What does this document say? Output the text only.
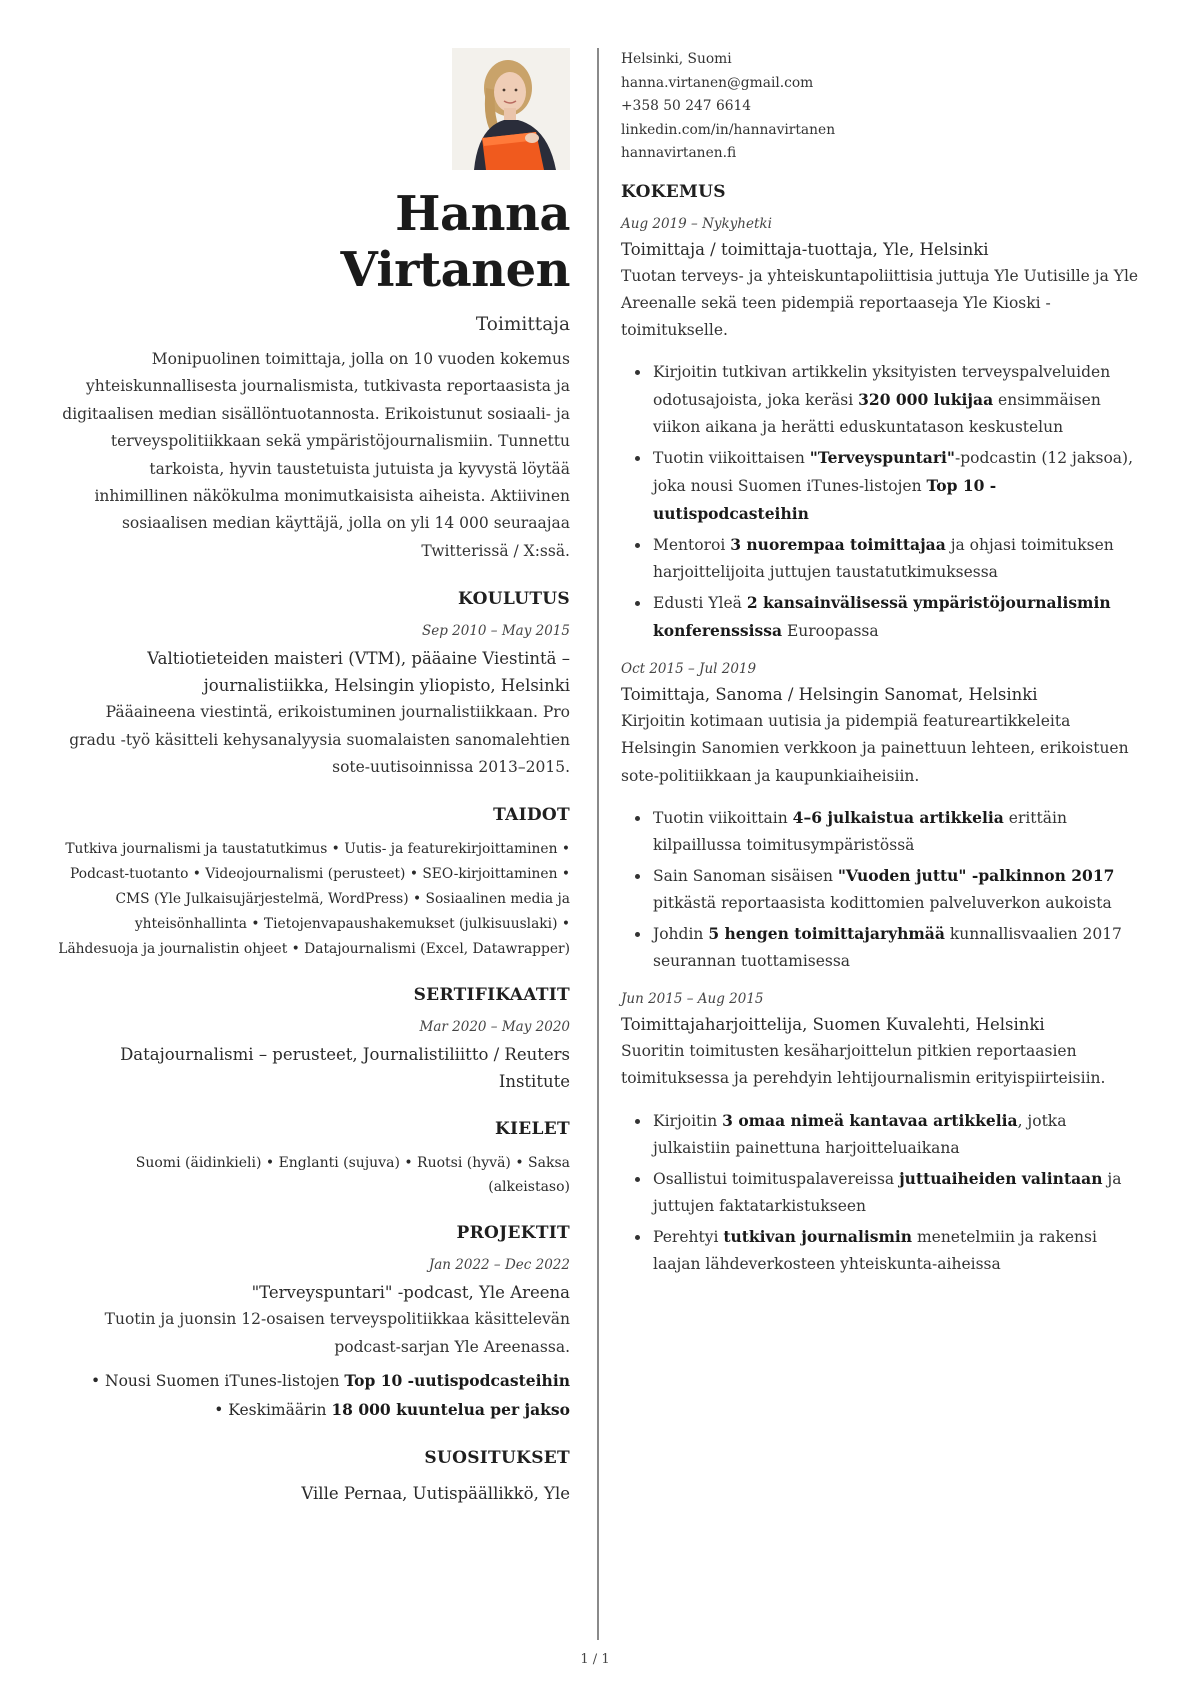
Hanna
Virtanen

Toimittaja

Monipuolinen toimittaja, jolla on 10 vuoden kokemus yhteiskunnallisesta journalismista, tutkivasta reportaasista ja digitaalisen median sisällöntuotannosta. Erikoistunut sosiaali- ja terveyspolitiikkaan sekä ympäristöjournalismiin. Tunnettu tarkoista, hyvin taustetuista jutuista ja kyvystä löytää inhimillinen näkökulma monimutkaisista aiheista. Aktiivinen sosiaalisen median käyttäjä, jolla on yli 14 000 seuraajaa Twitterissä / X:ssä.

KOULUTUS

Sep 2010 – May 2015

Valtiotieteiden maisteri (VTM), pääaine Viestintä – journalistiikka, Helsingin yliopisto, Helsinki

Pääaineena viestintä, erikoistuminen journalistiikkaan. Pro gradu -työ käsitteli kehysanalyysia suomalaisten sanomalehtien sote-uutisoinnissa 2013–2015.

TAIDOT

Tutkiva journalismi ja taustatutkimus • Uutis- ja featurekirjoittaminen • Podcast-tuotanto • Videojournalismi (perusteet) • SEO-kirjoittaminen • CMS (Yle Julkaisujärjestelmä, WordPress) • Sosiaalinen media ja yhteisönhallinta • Tietojenvapaushakemukset (julkisuuslaki) • Lähdesuoja ja journalistin ohjeet • Datajournalismi (Excel, Datawrapper)

SERTIFIKAATIT

Mar 2020 – May 2020

Datajournalismi – perusteet, Journalistiliitto / Reuters Institute

KIELET

Suomi (äidinkieli) • Englanti (sujuva) • Ruotsi (hyvä) • Saksa (alkeistaso)

PROJEKTIT

Jan 2022 – Dec 2022

"Terveyspuntari" -podcast, Yle Areena

Tuotin ja juonsin 12-osaisen terveyspolitiikkaa käsittelevän podcast-sarjan Yle Areenassa.

• Nousi Suomen iTunes-listojen Top 10 -uutispodcasteihin

• Keskimäärin 18 000 kuuntelua per jakso

SUOSITUKSET

Ville Pernaa, Uutispäällikkö, Yle

Helsinki, Suomi

hanna.virtanen@gmail.com

+358 50 247 6614

linkedin.com/in/hannavirtanen

hannavirtanen.fi

KOKEMUS

Aug 2019 – Nykyhetki

Toimittaja / toimittaja-tuottaja, Yle, Helsinki

Tuotan terveys- ja yhteiskuntapoliittisia juttuja Yle Uutisille ja Yle Areenalle sekä teen pidempiä reportaaseja Yle Kioski -toimitukselle.

• Kirjoitin tutkivan artikkelin yksityisten terveyspalveluiden odotusajoista, joka keräsi 320 000 lukijaa ensimmäisen viikon aikana ja herätti eduskuntatason keskustelun
• Tuotin viikoittaisen "Terveyspuntari"-podcastin (12 jaksoa), joka nousi Suomen iTunes-listojen Top 10 -uutispodcasteihin
• Mentoroi 3 nuorempaa toimittajaa ja ohjasi toimituksen harjoittelijoita juttujen taustatutkimuksessa
• Edusti Yleä 2 kansainvälisessä ympäristöjournalismin konferenssissa Euroopassa

Oct 2015 – Jul 2019

Toimittaja, Sanoma / Helsingin Sanomat, Helsinki

Kirjoitin kotimaan uutisia ja pidempiä featureartikkeleita Helsingin Sanomien verkkoon ja painettuun lehteen, erikoistuen sote-politiikkaan ja kaupunkiaiheisiin.

• Tuotin viikoittain 4–6 julkaistua artikkelia erittäin kilpaillussa toimitusympäristössä
• Sain Sanoman sisäisen "Vuoden juttu" -palkinnon 2017 pitkästä reportaasista kodittomien palveluverkon aukoista
• Johdin 5 hengen toimittajaryhmää kunnallisvaalien 2017 seurannan tuottamisessa

Jun 2015 – Aug 2015

Toimittajaharjoittelija, Suomen Kuvalehti, Helsinki

Suoritin toimitusten kesäharjoittelun pitkien reportaasien toimituksessa ja perehdyin lehtijournalismin erityispiirteisiin.

• Kirjoitin 3 omaa nimeä kantavaa artikkelia, jotka julkaistiin painettuna harjoitteluaikana
• Osallistui toimituspalavereissa juttuaiheiden valintaan ja juttujen faktatarkistukseen
• Perehtyi tutkivan journalismin menetelmiin ja rakensi laajan lähdeverkosteen yhteiskunta-aiheissa
1 / 1
